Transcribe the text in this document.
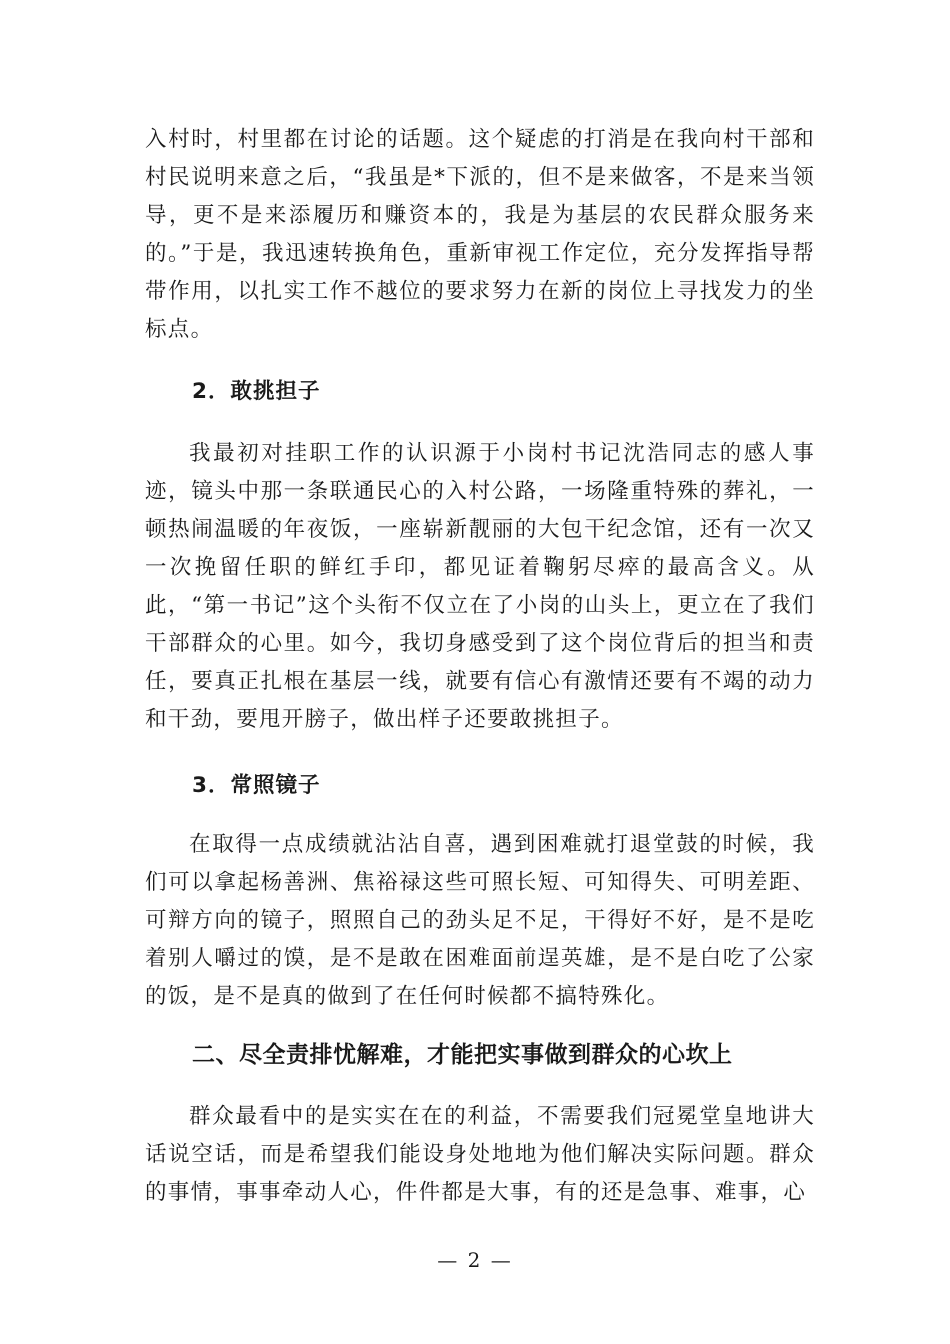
入村时，村里都在讨论的话题。这个疑虑的打消是在我向村干部和村民说明来意之后，“我虽是*下派的，但不是来做客，不是来当领导，更不是来添履历和赚资本的，我是为基层的农民群众服务来的。”于是，我迅速转换角色，重新审视工作定位，充分发挥指导帮带作用，以扎实工作不越位的要求努力在新的岗位上寻找发力的坐标点。

2．敢挑担子

我最初对挂职工作的认识源于小岗村书记沈浩同志的感人事迹，镜头中那一条联通民心的入村公路，一场隆重特殊的葬礼，一顿热闹温暖的年夜饭，一座崭新靓丽的大包干纪念馆，还有一次又一次挽留任职的鲜红手印，都见证着鞠躬尽瘁的最高含义。从此，“第一书记”这个头衔不仅立在了小岗的山头上，更立在了我们干部群众的心里。如今，我切身感受到了这个岗位背后的担当和责任，要真正扎根在基层一线，就要有信心有激情还要有不竭的动力和干劲，要甩开膀子，做出样子还要敢挑担子。

3．常照镜子

在取得一点成绩就沾沾自喜，遇到困难就打退堂鼓的时候，我们可以拿起杨善洲、焦裕禄这些可照长短、可知得失、可明差距、可辩方向的镜子，照照自己的劲头足不足，干得好不好，是不是吃着别人嚼过的馍，是不是敢在困难面前逞英雄，是不是白吃了公家的饭，是不是真的做到了在任何时候都不搞特殊化。

二、尽全责排忧解难，才能把实事做到群众的心坎上

群众最看中的是实实在在的利益，不需要我们冠冕堂皇地讲大话说空话，而是希望我们能设身处地地为他们解决实际问题。群众的事情，事事牵动人心，件件都是大事，有的还是急事、难事，心

— 2 —
